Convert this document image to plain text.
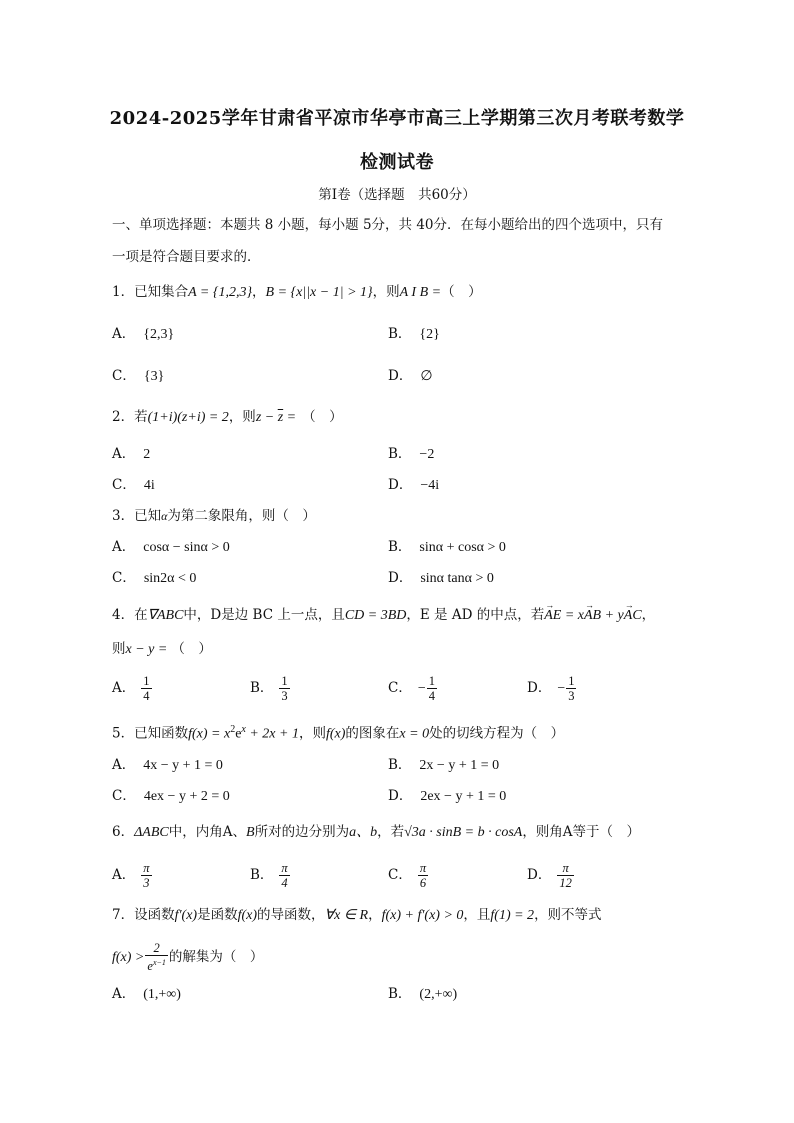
2024-2025学年甘肃省平凉市华亭市高三上学期第三次月考联考数学
检测试卷
第Ⅰ卷（选择题　共60分）
一、单项选择题：本题共 8 小题，每小题 5分，共 40分．在每小题给出的四个选项中，只有
一项是符合题目要求的．
1．已知集合A = {1,2,3}，B = {x||x − 1| > 1}，则A I B =（　）
A． {2,3}	B． {2}
C． {3}	D． ∅
2．若(1+i)(z+i) = 2，则$z - \overline{z}$ = （　）
A． 2	B． −2
C． 4i	D． −4i
3．已知α为第二象限角，则（　）
A． cosα − sinα > 0	B． sinα + cosα > 0
C． sin2α < 0	D． sinα tanα > 0
4．在∇ABC中，D是边 BC 上一点，且CD = 3BD，E 是 AD 的中点，若→ AE = x→ AB + y→ AC，
则x − y = （　）
A． $\frac{1}{4}$	B． $\frac{1}{3}$	C． − $\frac{1}{4}$	D． − $\frac{1}{3}$
5．已知函数$f(x) = x^2e^x + 2x + 1$，则f(x)的图象在x = 0处的切线方程为（　）
A． 4x − y + 1 = 0	B． 2x − y + 1 = 0
C． 4ex − y + 2 = 0	D． 2ex − y + 1 = 0
6．ΔABC中，内角A、B所对的边分别为a、b，若√3a · sinB = b · cosA，则角A等于（　）
A． $\frac{\pi}{3}$	B． $\frac{\pi}{4}$	C． $\frac{\pi}{6}$	D． $\frac{\pi}{12}$
7．设函数f′(x)是函数f(x)的导函数，∀x ∈ R，f(x) + f′(x) > 0，且f(1) = 2，则不等式
$f(x) > \frac{2}{e^{x-1}}$ 的解集为（　）
A． (1,+∞)	B． (2,+∞)
